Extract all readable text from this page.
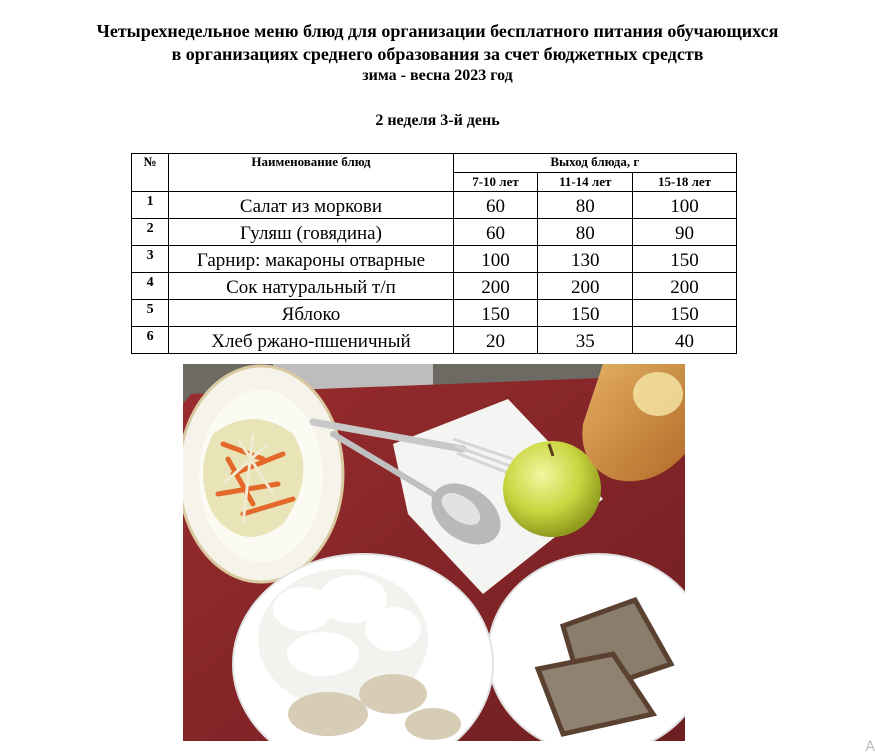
Четырехнедельное меню блюд для организации бесплатного питания обучающихся
в организациях среднего образования за счет бюджетных средств
зима - весна 2023 год
2 неделя 3-й день
№	Наименование блюд	Выход блюда, г		
		7-10 лет	11-14 лет	15-18 лет
1	Салат из моркови	60	80	100
2	Гуляш (говядина)	60	80	90
3	Гарнир: макароны отварные	100	130	150
4	Сок натуральный т/п	200	200	200
5	Яблоко	150	150	150
6	Хлеб ржано-пшеничный	20	35	40
А
